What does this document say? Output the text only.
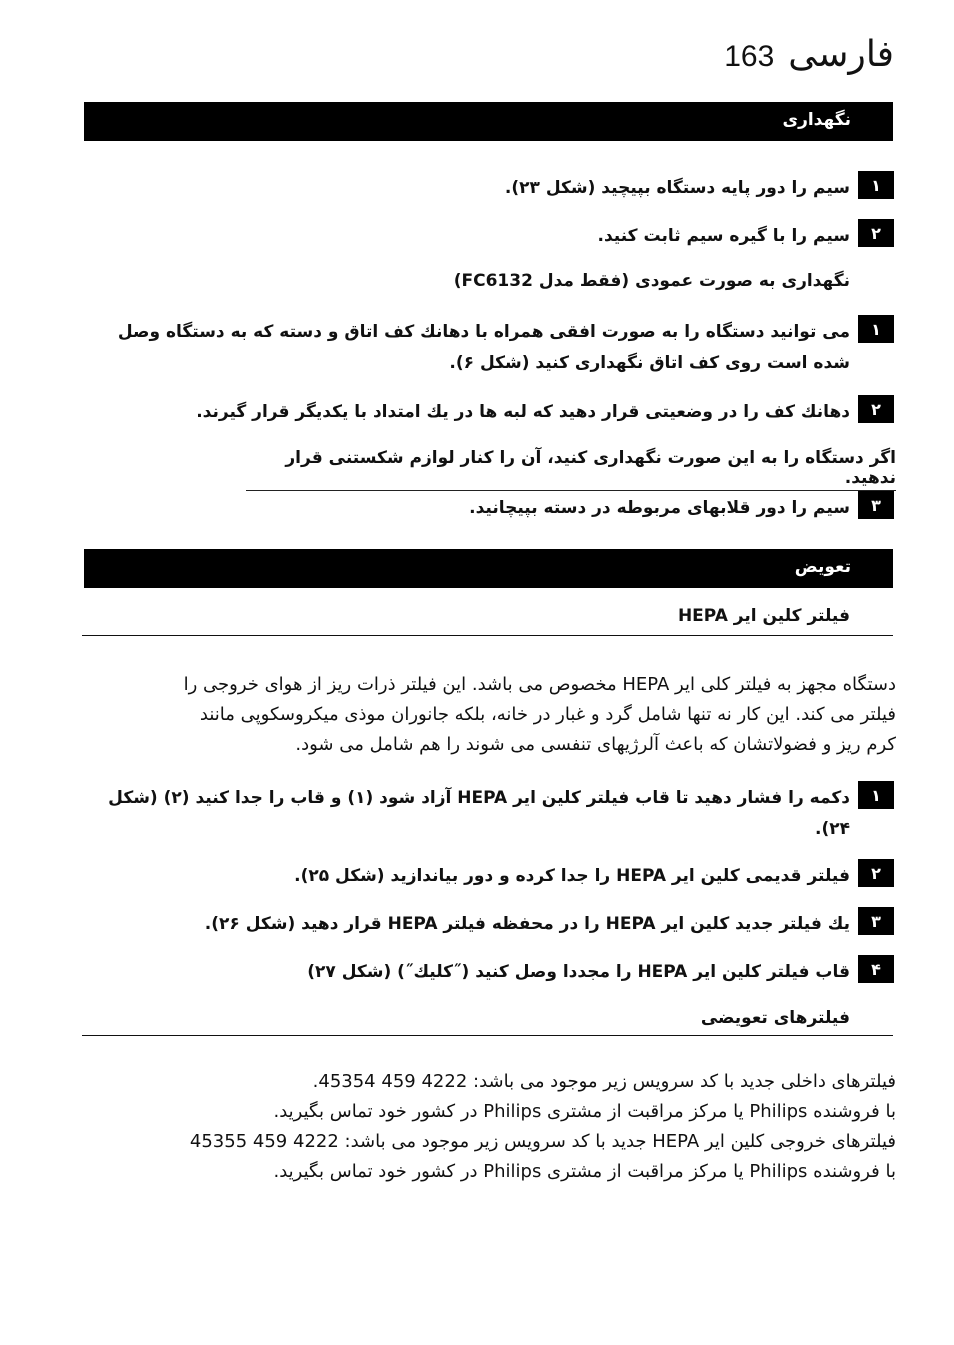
163 فارسی
نگهداری
۱
سیم را دور پایه دستگاه بپیچید (شکل ۲۳).
۲
سیم را با گیره سیم ثابت کنید.
نگهداری به صورت عمودی (فقط مدل FC6132)
۱
می توانید دستگاه را به صورت افقی همراه با دهانك كف اتاق و دسته كه به دستگاه وصل شده است روی كف اتاق نگهداری كنید (شکل ۶).
۲
دهانك كف را در وضعیتی قرار دهید كه لبه ها در یك امتداد با یكدیگر قرار گیرند.
اگر دستگاه را به این صورت نگهداری کنید، آن را کنار لوازم شکستنی قرار ندهید.
۳
سیم را دور قلابهای مربوطه در دسته بپیچانید.
تعویض
فیلتر کلین ایر HEPA
دستگاه مجهز به فیلتر كلی ایر HEPA مخصوص می باشد. این فیلتر ذرات ریز از هوای خروجی را
فیلتر می كند. این كار نه تنها شامل گرد و غبار در خانه، بلكه جانوران موذی میكروسكوپی مانند
كرم ریز و فضولاتشان كه باعث آلرژیهای تنفسی می شوند را هم شامل می شود.
۱
دکمه را فشار دهید تا قاب فیلتر کلین ایر HEPA آزاد شود (۱) و قاب را جدا کنید (۲) (شکل ۲۴).
۲
فیلتر قدیمی کلین ایر HEPA را جدا کرده و دور بیاندازید (شکل ۲۵).
۳
یك فیلتر جدید کلین ایر HEPA را در محفظه فیلتر HEPA قرار دهید (شکل ۲۶).
۴
قاب فیلتر کلین ایر HEPA را مجددا وصل كنید (˝كلیك˝) (شکل ۲۷)
فیلترهای تعویضی
فیلترهای داخلی جدید با كد سرویس زیر موجود می باشد: 4222 459 45354.
با فروشنده Philips یا مركز مراقبت از مشتری Philips در كشور خود تماس بگیرید.
فیلترهای خروجی كلین ایر HEPA جدید با كد سرویس زیر موجود می باشد: 4222 459 45355
با فروشنده Philips یا مركز مراقبت از مشتری Philips در كشور خود تماس بگیرید.
